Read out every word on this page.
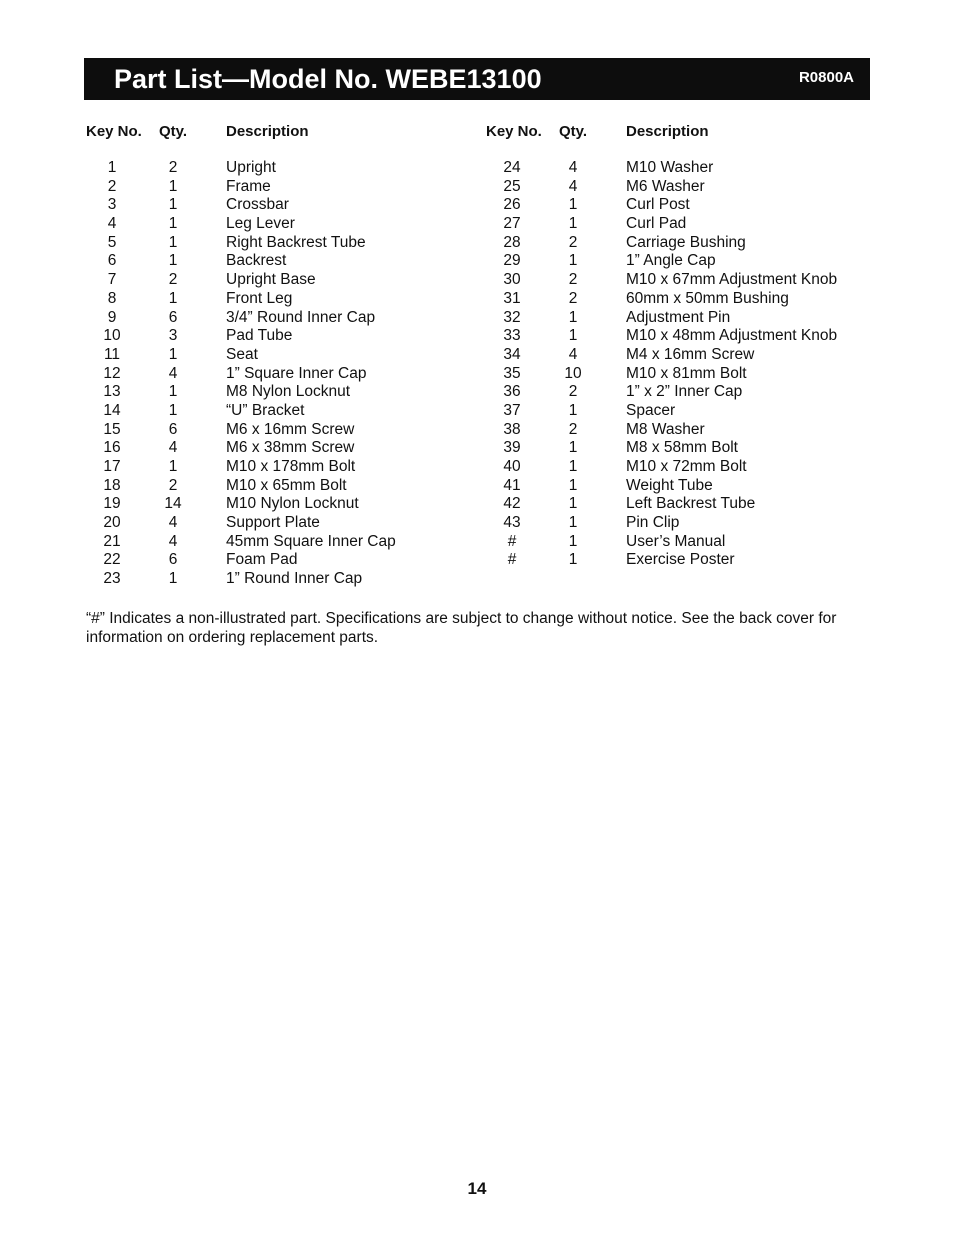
Part List—Model No. WEBE13100	R0800A
Key No.	Qty.	Description
1	2	Upright
2	1	Frame
3	1	Crossbar
4	1	Leg Lever
5	1	Right Backrest Tube
6	1	Backrest
7	2	Upright Base
8	1	Front Leg
9	6	3/4” Round Inner Cap
10	3	Pad Tube
11	1	Seat
12	4	1” Square Inner Cap
13	1	M8 Nylon Locknut
14	1	“U” Bracket
15	6	M6 x 16mm Screw
16	4	M6 x 38mm Screw
17	1	M10 x 178mm Bolt
18	2	M10 x 65mm Bolt
19	14	M10 Nylon Locknut
20	4	Support Plate
21	4	45mm Square Inner Cap
22	6	Foam Pad
23	1	1” Round Inner Cap
Key No.	Qty.	Description
24	4	M10 Washer
25	4	M6 Washer
26	1	Curl Post
27	1	Curl Pad
28	2	Carriage Bushing
29	1	1” Angle Cap
30	2	M10 x 67mm Adjustment Knob
31	2	60mm x 50mm Bushing
32	1	Adjustment Pin
33	1	M10 x 48mm Adjustment Knob
34	4	M4 x 16mm Screw
35	10	M10 x 81mm Bolt
36	2	1” x 2” Inner Cap
37	1	Spacer
38	2	M8 Washer
39	1	M8 x 58mm Bolt
40	1	M10 x 72mm Bolt
41	1	Weight Tube
42	1	Left Backrest Tube
43	1	Pin Clip
#	1	User’s Manual
#	1	Exercise Poster
“#” Indicates a non-illustrated part. Specifications are subject to change without notice. See the back cover for information on ordering replacement parts.
14
